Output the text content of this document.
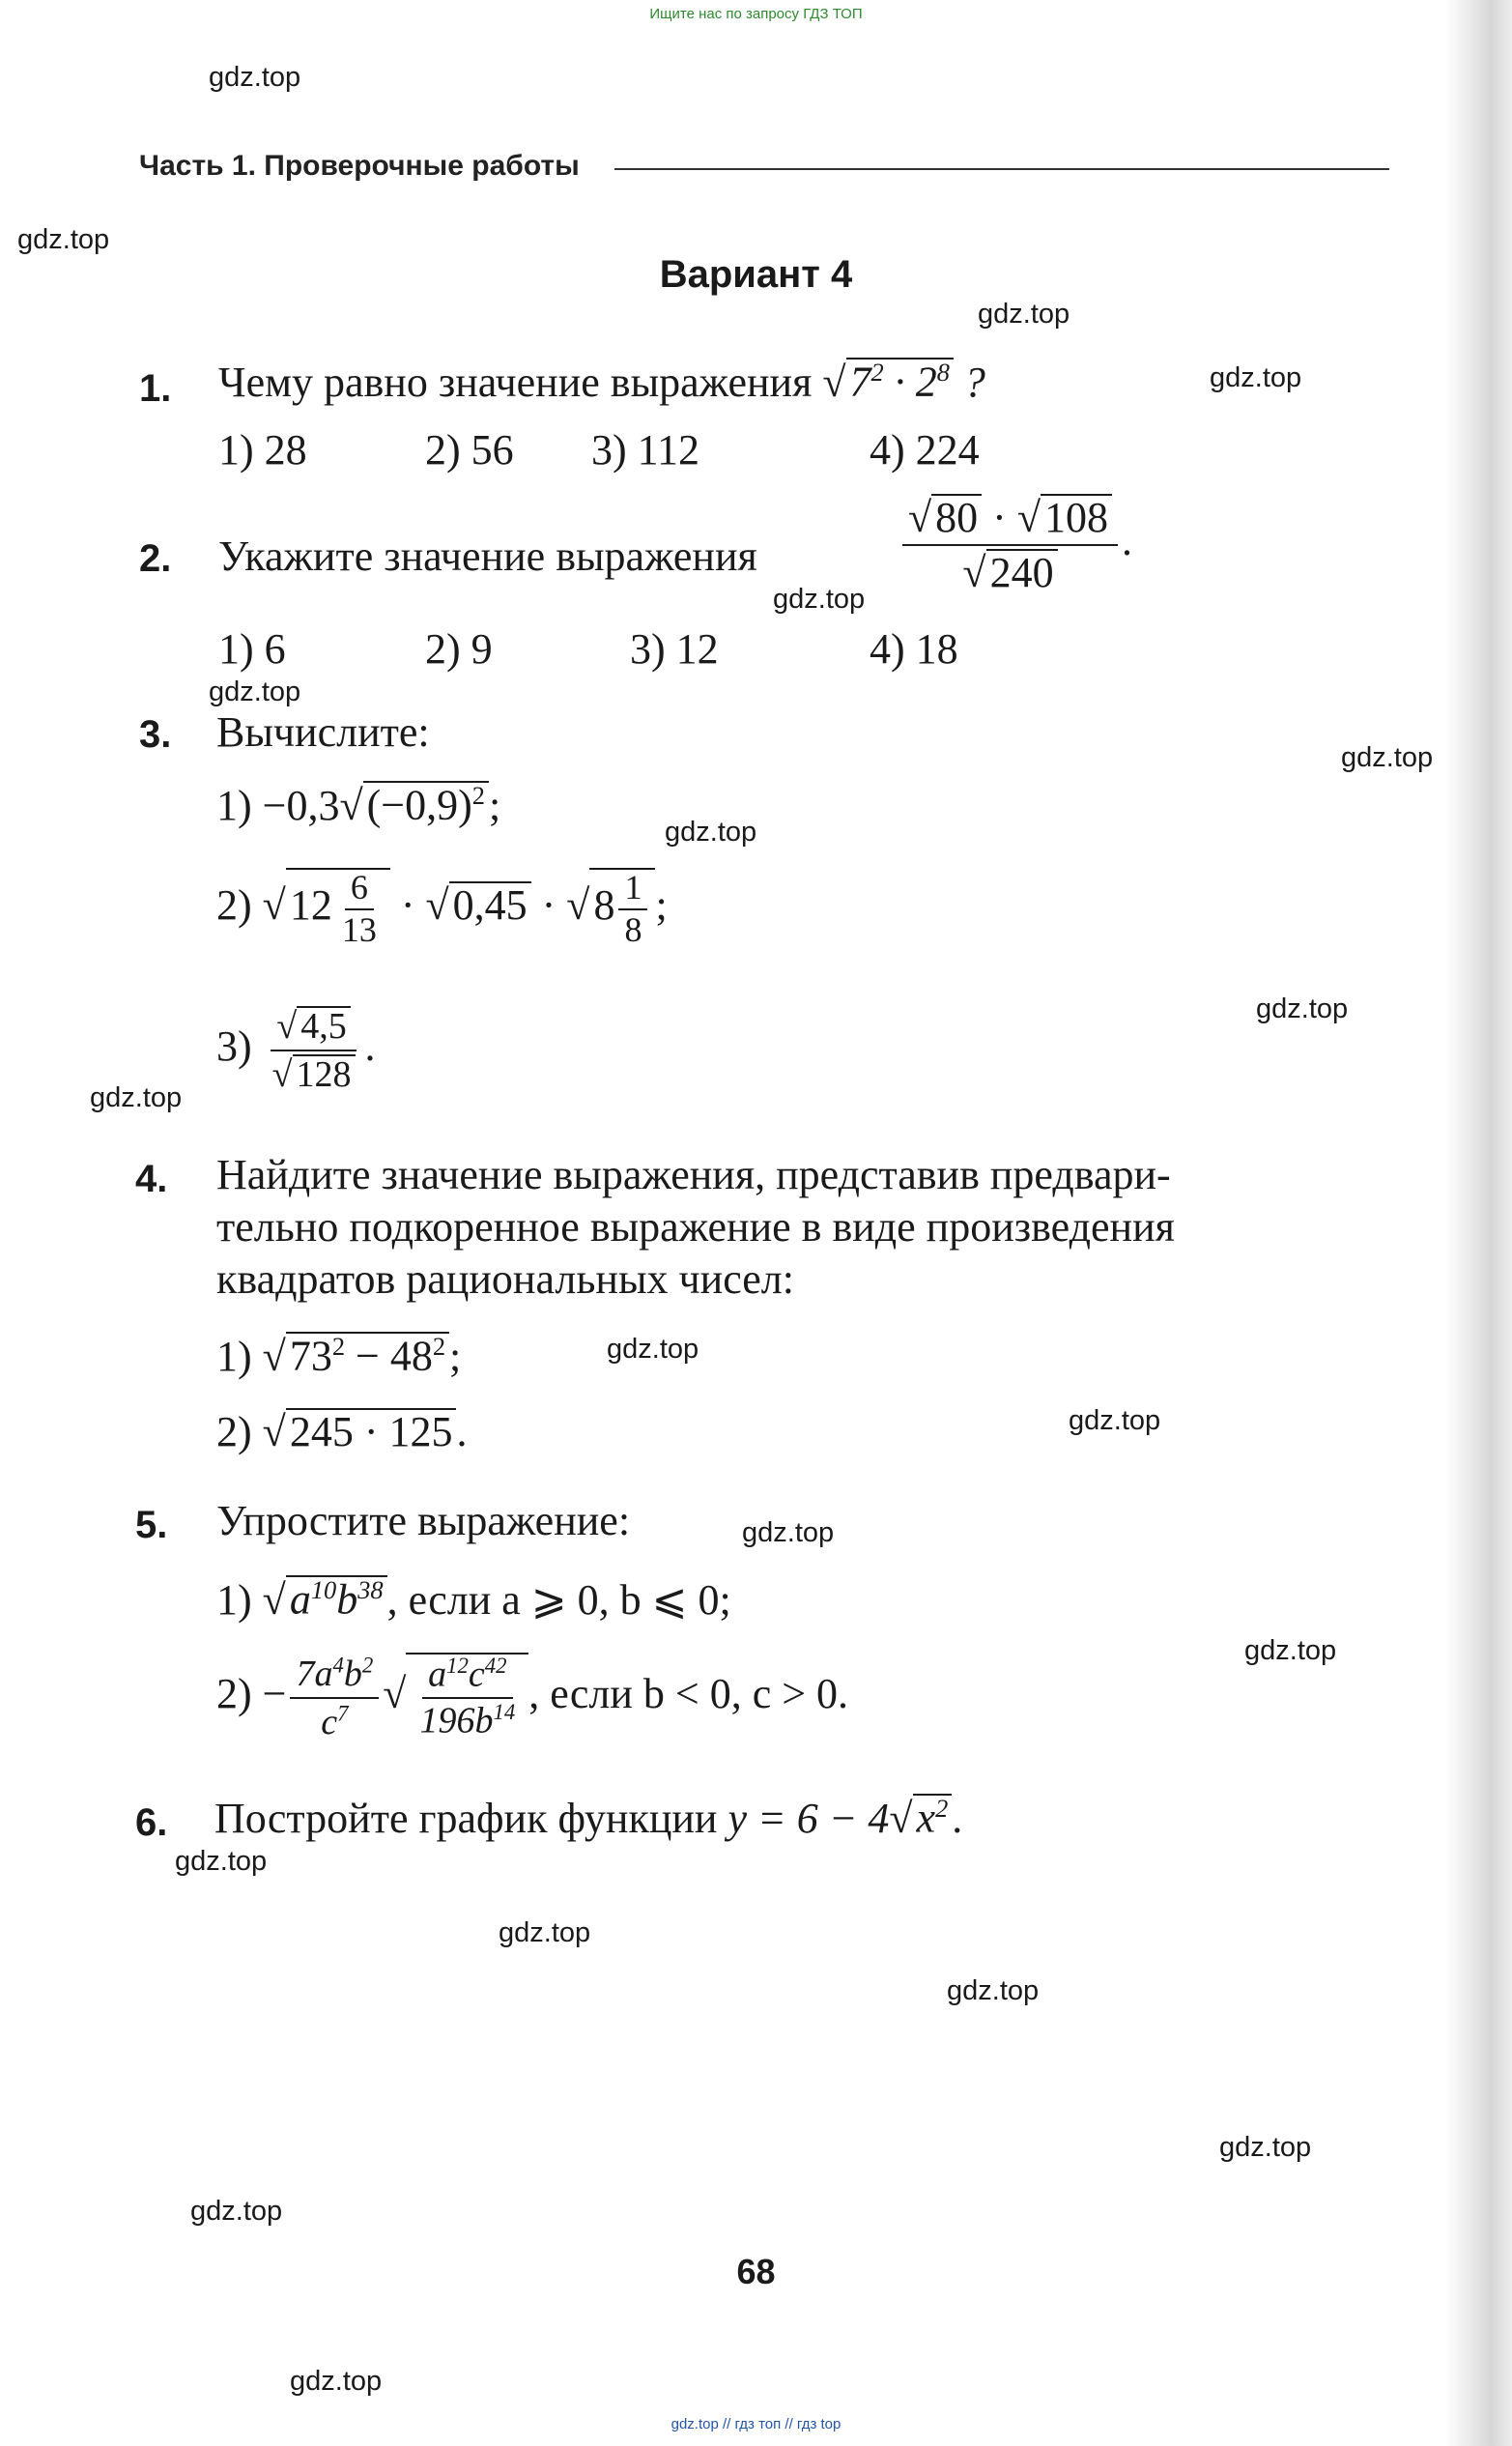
Ищите нас по запросу ГДЗ ТОП
gdz.top
gdz.top
gdz.top
gdz.top
gdz.top
gdz.top
gdz.top
gdz.top
gdz.top
gdz.top
gdz.top
gdz.top
gdz.top
gdz.top
gdz.top
gdz.top
gdz.top
gdz.top
gdz.top
gdz.top
Часть 1. Проверочные работы
Вариант 4
1. Чему равно значение выражения √ $7^2 \cdot 2^8$ ?
1) 28	2) 56 3) 112	4) 224
2. Укажите значение выражения √	80 · √ 108
√ 240 .
1) 6	2) 9	3) 12	4) 18
3. Вычислите:
1) −0,3 √ $(-0,9)^2$;
2) √ $12 \frac{6}{13}$ · √ 0,45 · √ $8 \frac{1}{8}$ ;
3) √ 4,5
√ 128 .
4. Найдите значение выражения, представив предвари-
тельно подкоренное выражение в виде произведения
квадратов рациональных чисел:
1) √ $73^2 - 48^2$;
2) √ 245 · 125.
5. Упростите выражение:
1) √ $a^{10}b^{38}$, если a ⩾ 0, b ⩽ 0;
$2) - \frac{7a^4b^2}{c^7}$ √ $\frac{a^{12}c^{42}}{196b^{14}}$ , если b < 0, c > 0.
6. Постройте график функции y = 6 − 4 √ $x^2$.
68
gdz.top // гдз топ // гдз top
